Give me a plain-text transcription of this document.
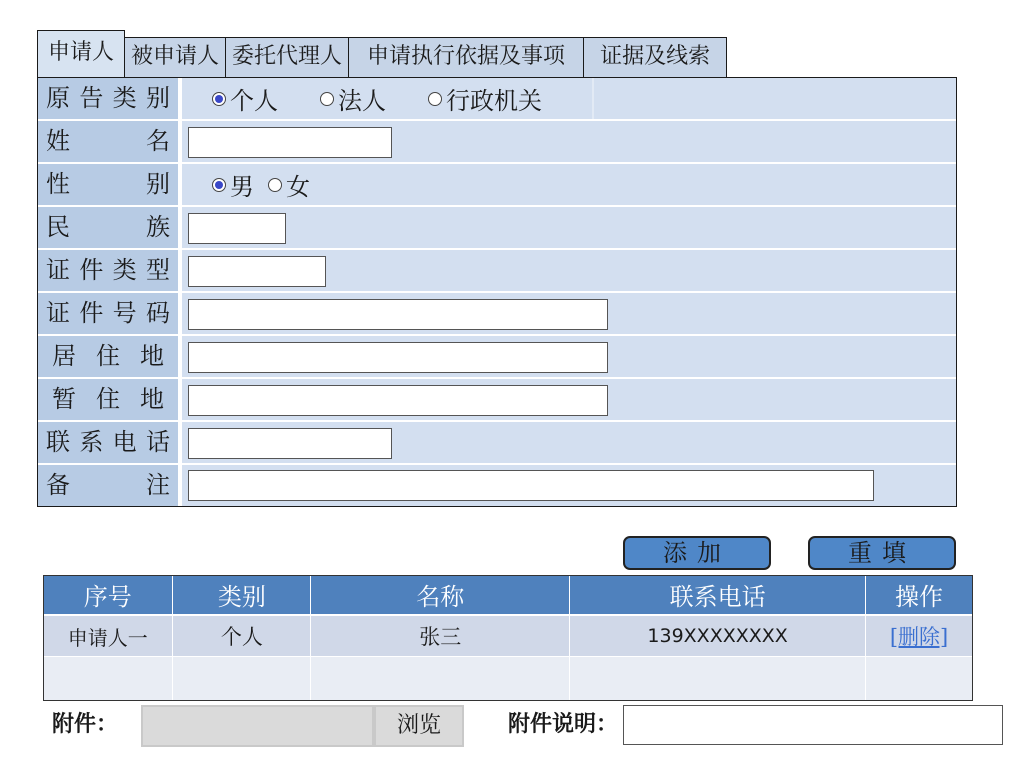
申请人 被申请人 委托代理人	申请执行依据及事项	证据及线索
原告类别	个人	法人	行政机关
姓名
性别	男 女
民族
证件类型
证件号码
居住地
暂住地
联系电话
备注
添加	重填
序号	类别	名称	联系电话	操作
申请人一	个人	张三	139XXXXXXXX	[删除]

附件：	浏览	附件说明：
